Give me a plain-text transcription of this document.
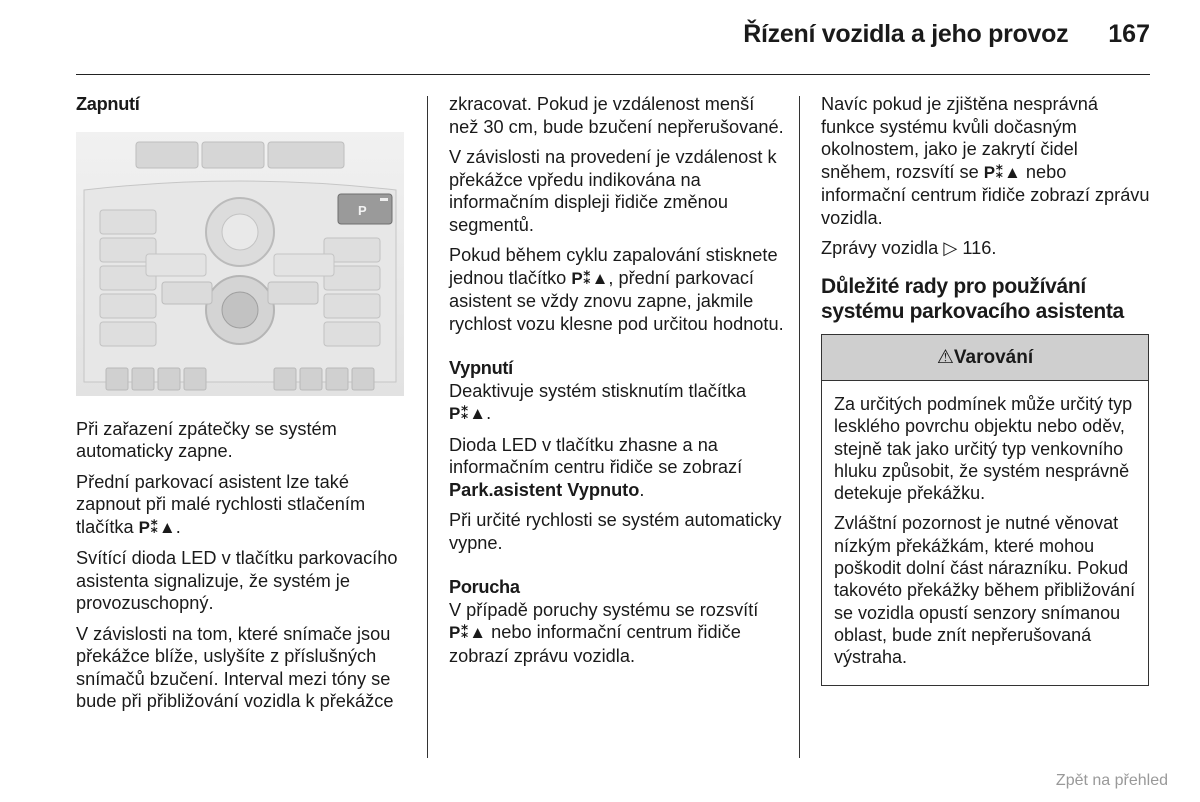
Řízení vozidla a jeho provoz 167
Zapnutí
P

Při zařazení zpátečky se systém automaticky zapne.

Přední parkovací asistent lze také zapnout při malé rychlosti stlačením tlačítka P⁑▲.

Svítící dioda LED v tlačítku parkovacího asistenta signalizuje, že systém je provozuschopný.

V závislosti na tom, které snímače jsou překážce blíže, uslyšíte z příslušných snímačů bzučení. Interval mezi tóny se bude při přibližování vozidla k překážce

zkracovat. Pokud je vzdálenost menší než 30 cm, bude bzučení nepřerušované.

V závislosti na provedení je vzdálenost k překážce vpředu indikována na informačním displeji řidiče změnou segmentů.

Pokud během cyklu zapalování stisknete jednou tlačítko P⁑▲, přední parkovací asistent se vždy znovu zapne, jakmile rychlost vozu klesne pod určitou hodnotu.

Vypnutí

Deaktivuje systém stisknutím tlačítka P⁑▲.

Dioda LED v tlačítku zhasne a na informačním centru řidiče se zobrazí Park.asistent Vypnuto.

Při určité rychlosti se systém automaticky vypne.

Porucha

V případě poruchy systému se rozsvítí P⁑▲ nebo informační centrum řidiče zobrazí zprávu vozidla.

Navíc pokud je zjištěna nesprávná funkce systému kvůli dočasným okolnostem, jako je zakrytí čidel sněhem, rozsvítí se P⁑▲ nebo informační centrum řidiče zobrazí zprávu vozidla.

Zprávy vozidla ▷ 116.

Důležité rady pro používání systému parkovacího asistenta
⚠Varování

Za určitých podmínek může určitý typ lesklého povrchu objektu nebo oděv, stejně tak jako určitý typ venkovního hluku způsobit, že systém nesprávně detekuje překážku.

Zvláštní pozornost je nutné věnovat nízkým překážkám, které mohou poškodit dolní část nárazníku. Pokud takovéto překážky během přibližování se vozidla opustí senzory snímanou oblast, bude znít nepřerušovaná výstraha.

Zpět na přehled
